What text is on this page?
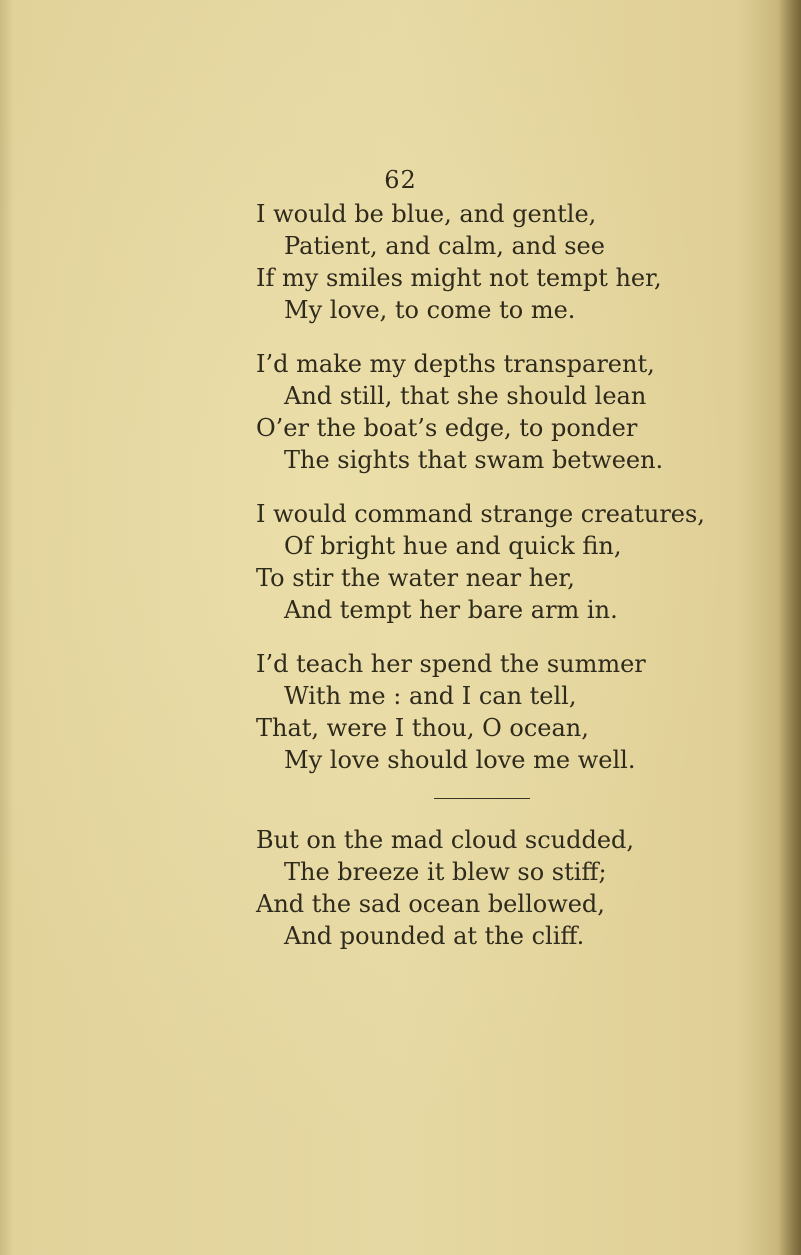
62
I would be blue, and gentle,
Patient, and calm, and see
If my smiles might not tempt her,
My love, to come to me.
I’d make my depths transparent,
And still, that she should lean
O’er the boat’s edge, to ponder
The sights that swam between.
I would command strange creatures,
Of bright hue and quick fin,
To stir the water near her,
And tempt her bare arm in.
I’d teach her spend the summer
With me : and I can tell,
That, were I thou, O ocean,
My love should love me well.
But on the mad cloud scudded,
The breeze it blew so stiff;
And the sad ocean bellowed,
And pounded at the cliff.
